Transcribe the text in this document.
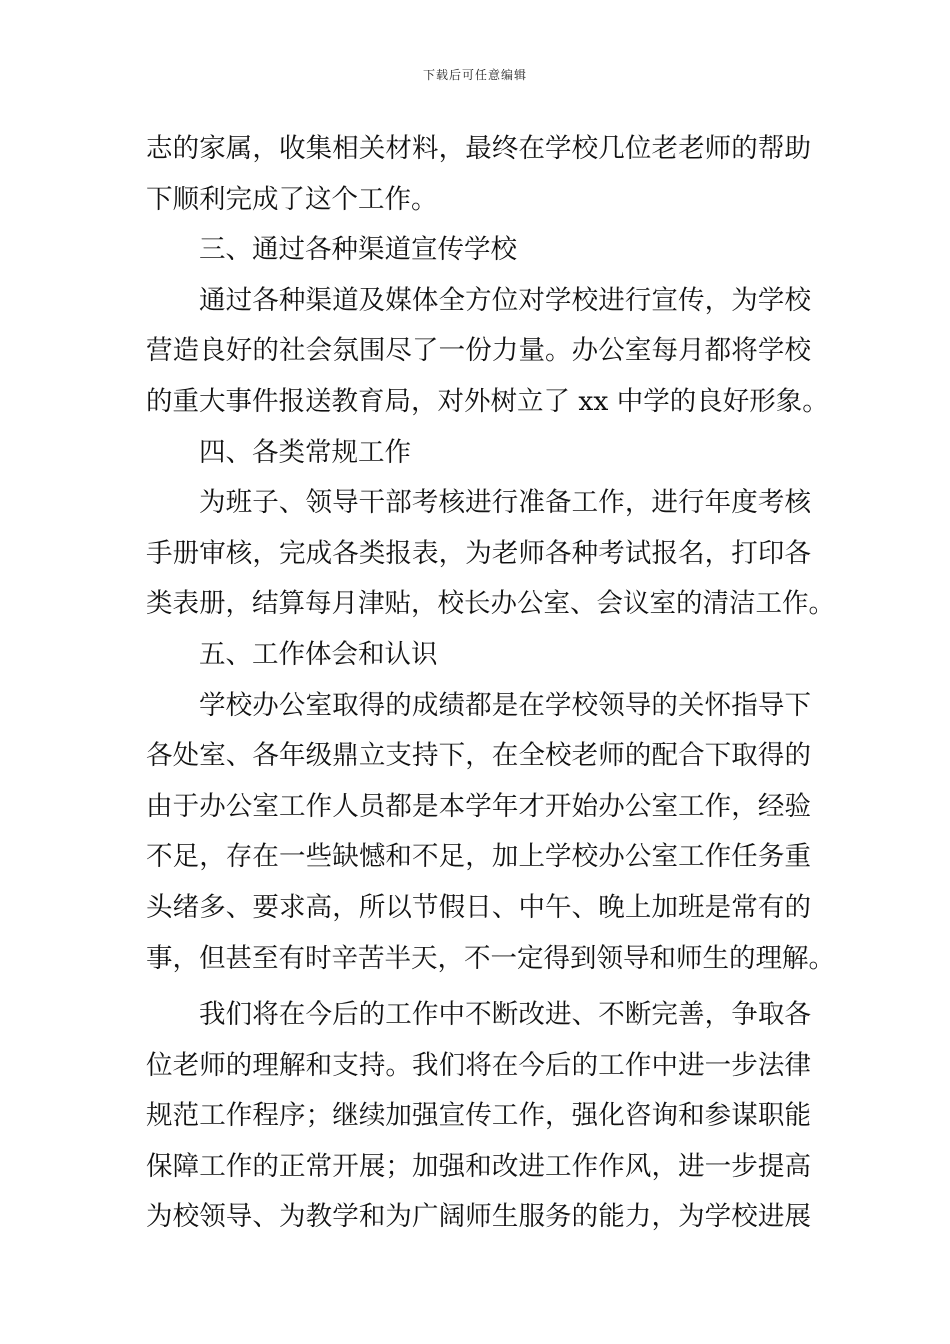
下载后可任意编辑
志的家属，收集相关材料，最终在学校几位老老师的帮助
下顺利完成了这个工作。
三、通过各种渠道宣传学校
通过各种渠道及媒体全方位对学校进行宣传，为学校
营造良好的社会氛围尽了一份力量。办公室每月都将学校
的重大事件报送教育局，对外树立了 xx 中学的良好形象。
四、各类常规工作
为班子、领导干部考核进行准备工作，进行年度考核
手册审核，完成各类报表，为老师各种考试报名，打印各
类表册，结算每月津贴，校长办公室、会议室的清洁工作。
五、工作体会和认识
学校办公室取得的成绩都是在学校领导的关怀指导下
各处室、各年级鼎立支持下，在全校老师的配合下取得的
由于办公室工作人员都是本学年才开始办公室工作，经验
不足，存在一些缺憾和不足，加上学校办公室工作任务重
头绪多、要求高，所以节假日、中午、晚上加班是常有的
事，但甚至有时辛苦半天，不一定得到领导和师生的理解。
我们将在今后的工作中不断改进、不断完善，争取各
位老师的理解和支持。我们将在今后的工作中进一步法律
规范工作程序；继续加强宣传工作，强化咨询和参谋职能
保障工作的正常开展；加强和改进工作作风，进一步提高
为校领导、为教学和为广阔师生服务的能力，为学校进展
